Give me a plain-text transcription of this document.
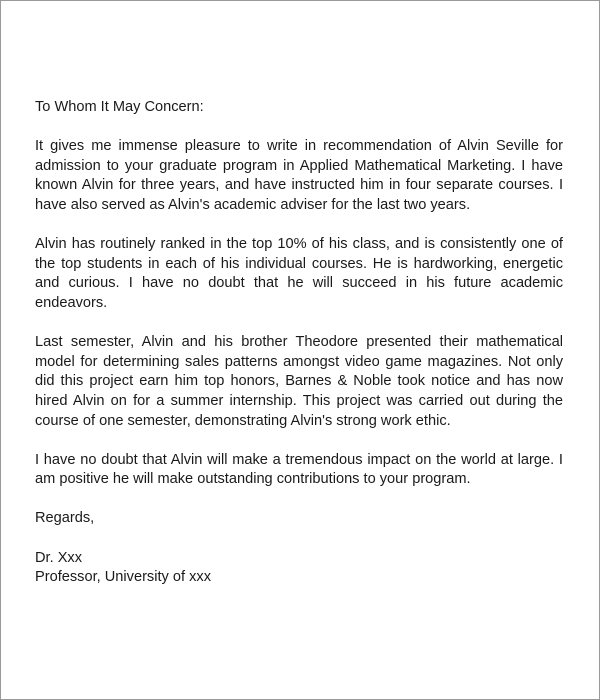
To Whom It May Concern:

It gives me immense pleasure to write in recommendation of Alvin Seville for admission to your graduate program in Applied Mathematical Marketing. I have known Alvin for three years, and have instructed him in four separate courses. I have also served as Alvin's academic adviser for the last two years.

Alvin has routinely ranked in the top 10% of his class, and is consistently one of the top students in each of his individual courses. He is hardworking, energetic and curious. I have no doubt that he will succeed in his future academic endeavors.

Last semester, Alvin and his brother Theodore presented their mathematical model for determining sales patterns amongst video game magazines. Not only did this project earn him top honors, Barnes & Noble took notice and has now hired Alvin on for a summer internship. This project was carried out during the course of one semester, demonstrating Alvin's strong work ethic.

I have no doubt that Alvin will make a tremendous impact on the world at large. I am positive he will make outstanding contributions to your program.

Regards,

Dr. Xxx
Professor, University of xxx
